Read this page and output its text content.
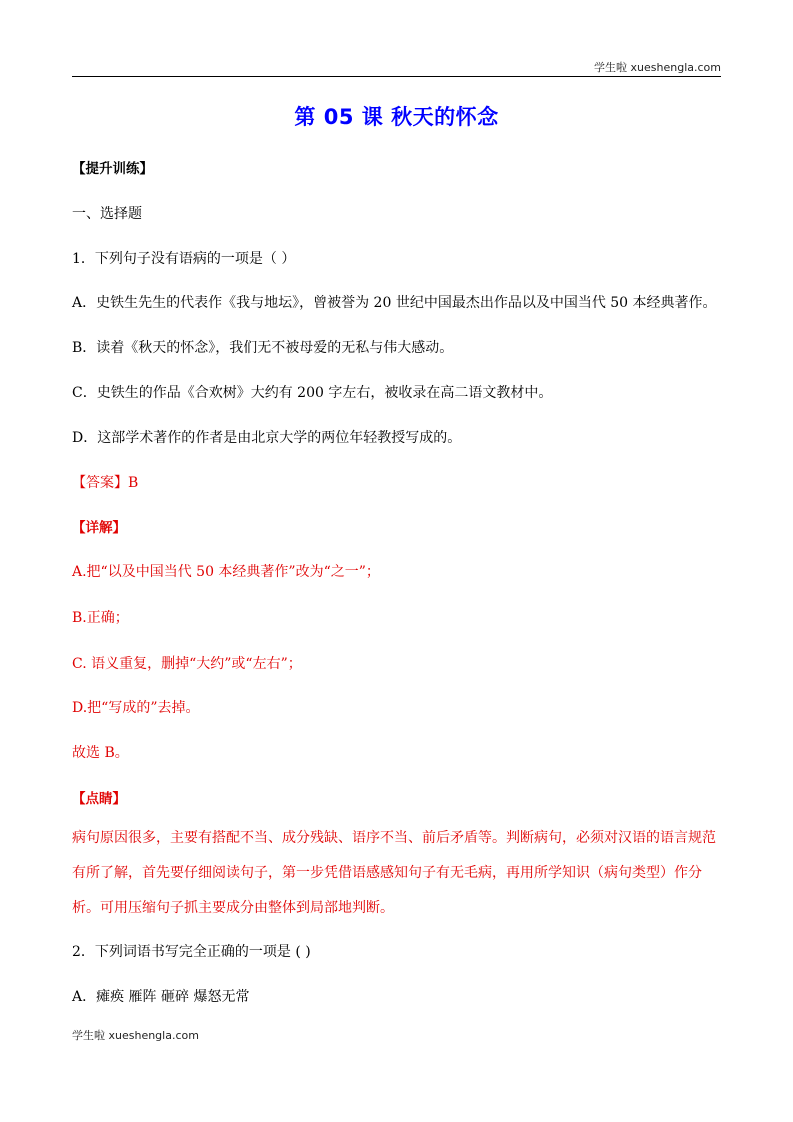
学生啦 xueshengla.com
第 05 课 秋天的怀念
【提升训练】
一、选择题
1．下列句子没有语病的一项是（ ）
A．史铁生先生的代表作《我与地坛》，曾被誉为 20 世纪中国最杰出作品以及中国当代 50 本经典著作。
B．读着《秋天的怀念》，我们无不被母爱的无私与伟大感动。
C．史铁生的作品《合欢树》大约有 200 字左右，被收录在高二语文教材中。
D．这部学术著作的作者是由北京大学的两位年轻教授写成的。
【答案】B
【详解】
A.把“以及中国当代 50 本经典著作”改为“之一”；
B.正确；
C. 语义重复，删掉“大约”或“左右”；
D.把“写成的”去掉。
故选 B。
【点睛】
病句原因很多，主要有搭配不当、成分残缺、语序不当、前后矛盾等。判断病句，必须对汉语的语言规范有所了解，首先要仔细阅读句子，第一步凭借语感感知句子有无毛病，再用所学知识（病句类型）作分析。可用压缩句子抓主要成分由整体到局部地判断。
2．下列词语书写完全正确的一项是 ( )
A．瘫痪 雁阵 砸碎 爆怒无常
学生啦 xueshengla.com
